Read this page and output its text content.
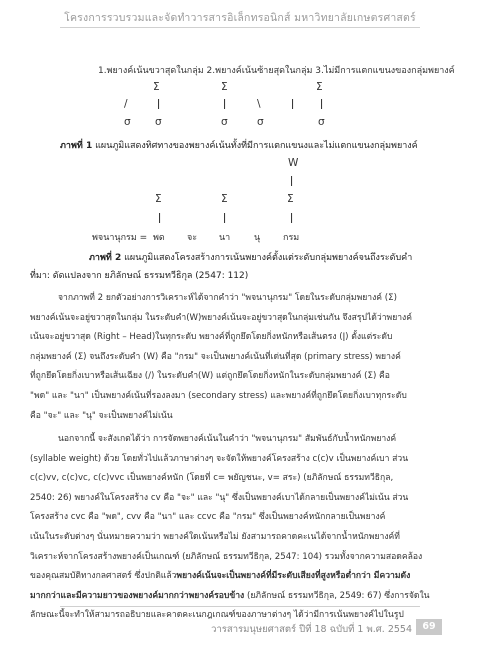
โครงการรวบรวมและจัดทำวารสารอิเล็กทรอนิกส์ มหาวิทยาลัยเกษตรศาสตร์
1.พยางค์เน้นขวาสุดในกลุ่ม 2.พยางค์เน้นซ้ายสุดในกลุ่ม 3.ไม่มีการแตกแขนงของกลุ่มพยางค์
Σ	Σ	Σ
/	ǀ	ǀ	\	ǀ ǀ
σ σ	σ	σ	σ
ภาพที่ 1 แผนภูมิแสดงทิศทางของพยางค์เน้นทั้งที่มีการแตกแขนงและไม่แตกแขนงกลุ่มพยางค์
W
ǀ
Σ	Σ	Σ
ǀ	ǀ	ǀ
พจนานุกรม = พด จะ นา	นุ	กรม
ภาพที่ 2 แผนภูมิแสดงโครงสร้างการเน้นพยางค์ตั้งแต่ระดับกลุ่มพยางค์จนถึงระดับคำ
ที่มา: ดัดแปลงจาก ยภิลักษณ์ ธรรมทวีธิกุล (2547: 112)
จากภาพที่ 2 ยกตัวอย่างการวิเคราะห์ได้จากคำว่า "พจนานุกรม" โดยในระดับกลุ่มพยางค์ (Σ)
พยางค์เน้นจะอยู่ขวาสุดในกลุ่ม ในระดับคำ(W)พยางค์เน้นจะอยู่ขวาสุดในกลุ่มเช่นกัน จึงสรุปได้ว่าพยางค์
เน้นจะอยู่ขวาสุด (Right – Head)ในทุกระดับ พยางค์ที่ถูกยึดโดยกิ่งหนักหรือเส้นตรง (ǀ) ตั้งแต่ระดับ
กลุ่มพยางค์ (Σ) จนถึงระดับคำ (W) คือ "กรม" จะเป็นพยางค์เน้นที่เด่นที่สุด (primary stress) พยางค์
ที่ถูกยึดโดยกิ่งเบาหรือเส้นเฉียง (/) ในระดับคำ(W) แต่ถูกยึดโดยกิ่งหนักในระดับกลุ่มพยางค์ (Σ) คือ
"พด" และ "นา" เป็นพยางค์เน้นที่รองลงมา (secondary stress) และพยางค์ที่ถูกยึดโดยกิ่งเบาทุกระดับ
คือ "จะ" และ "นุ" จะเป็นพยางค์ไม่เน้น
นอกจากนี้ จะสังเกตได้ว่า การจัดพยางค์เน้นในคำว่า "พจนานุกรม" สัมพันธ์กับน้ำหนักพยางค์
(syllable weight) ด้วย โดยทั่วไปแล้วภาษาต่างๆ จะจัดให้พยางค์โครงสร้าง c(c)v เป็นพยางค์เบา ส่วน
c(c)vv, c(c)vc, c(c)vvc เป็นพยางค์หนัก (โดยที่ c= พยัญชนะ, v= สระ) (ยภิลักษณ์ ธรรมทวีธิกุล,
2540: 26) พยางค์ในโครงสร้าง cv คือ "จะ" และ "นุ" ซึ่งเป็นพยางค์เบาได้กลายเป็นพยางค์ไม่เน้น ส่วน
โครงสร้าง cvc คือ "พด", cvv คือ "นา" และ ccvc คือ "กรม" ซึ่งเป็นพยางค์หนักกลายเป็นพยางค์
เน้นในระดับต่างๆ นั่นหมายความว่า พยางค์ใดเน้นหรือไม่ ยังสามารถคาดคะเนได้จากน้ำหนักพยางค์ที่
วิเคราะห์จากโครงสร้างพยางค์เป็นเกณฑ์ (ยภิลักษณ์ ธรรมทวีธิกุล, 2547: 104) รวมทั้งจากความสอดคล้อง
ของคุณสมบัติทางกลศาสตร์ ซึ่งปกติแล้วพยางค์เน้นจะเป็นพยางค์ที่มีระดับเสียงที่สูงหรือต่ำกว่า มีความดัง
มากกว่าและมีความยาวของพยางค์มากกว่าพยางค์รอบข้าง (ยภิลักษณ์ ธรรมทวีธิกุล, 2549: 67) ซึ่งการจัดใน
ลักษณะนี้จะทำให้สามารถอธิบายและคาดคะเนกฎเกณฑ์ของภาษาต่างๆ ได้ว่ามีการเน้นพยางค์ไปในรูป
วารสารมนุษยศาสตร์ ปีที่ 18 ฉบับที่ 1 พ.ศ. 2554	69
